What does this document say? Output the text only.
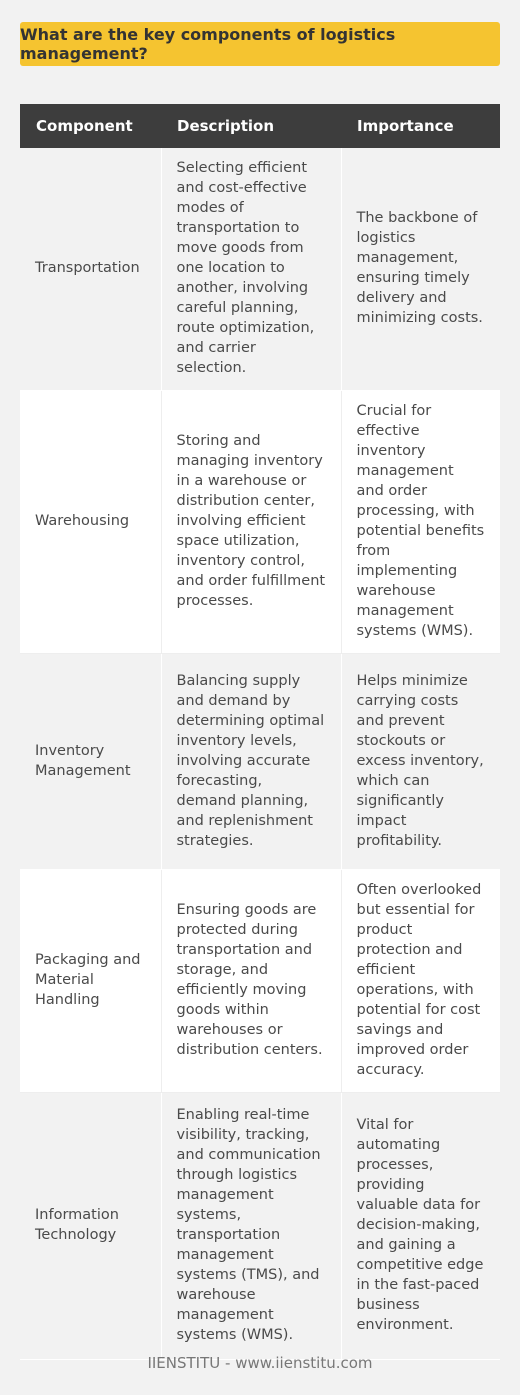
What are the key components of logistics management?
Component	Description	Importance
Transportation	Selecting efficient and cost-effective modes of transportation to move goods from one location to another, involving careful planning, route optimization, and carrier selection.	The backbone of logistics management, ensuring timely delivery and minimizing costs.
Warehousing	Storing and managing inventory in a warehouse or distribution center, involving efficient space utilization, inventory control, and order fulfillment processes.	Crucial for effective inventory management and order processing, with potential benefits from implementing warehouse management systems (WMS).
Inventory Management	Balancing supply and demand by determining optimal inventory levels, involving accurate forecasting, demand planning, and replenishment strategies.	Helps minimize carrying costs and prevent stockouts or excess inventory, which can significantly impact profitability.
Packaging and Material Handling	Ensuring goods are protected during transportation and storage, and efficiently moving goods within warehouses or distribution centers.	Often overlooked but essential for product protection and efficient operations, with potential for cost savings and improved order accuracy.
Information Technology	Enabling real-time visibility, tracking, and communication through logistics management systems, transportation management systems (TMS), and warehouse management systems (WMS).	Vital for automating processes, providing valuable data for decision-making, and gaining a competitive edge in the fast-paced business environment.
IIENSTITU - www.iienstitu.com
